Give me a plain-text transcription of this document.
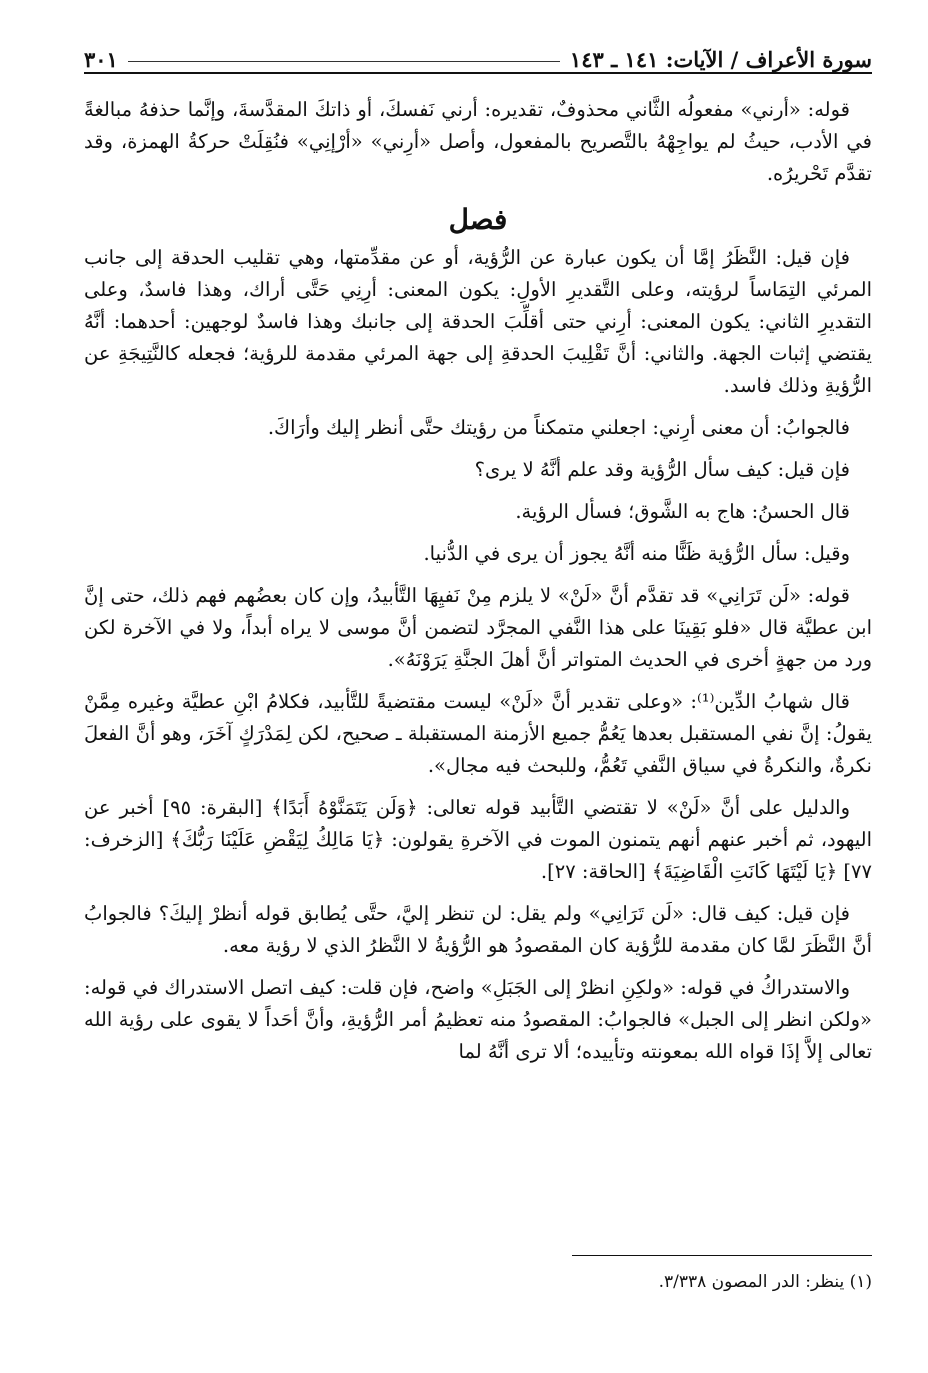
سورة الأعراف / الآيات: ١٤١ ـ ١٤٣
٣٠١

قوله: «أرني» مفعولُه الثَّاني محذوفٌ، تقديره: أرني نَفسكَ، أو ذاتكَ المقدَّسةَ، وإنَّما حذفهُ مبالغةً في الأدب، حيثُ لم يواجِهْهُ بالتَّصريح بالمفعول، وأصل «أرِني» «أرْإنِي» فنُقِلَتْ حركةُ الهمزة، وقد تقدَّم تَحْريرُه.

فصل

فإن قيل: النَّظَرُ إمَّا أن يكون عبارة عن الرُّؤية، أو عن مقدِّمتها، وهي تقليب الحدقة إلى جانب المرئي التِمَاساً لرؤيته، وعلى التَّقديرِ الأولِ: يكون المعنى: أرِنِي حَتَّى أراك، وهذا فاسدٌ، وعلى التقديرِ الثاني: يكون المعنى: أرِني حتى أقلِّبَ الحدقة إلى جانبك وهذا فاسدٌ لوجهين: أحدهما: أنَّهُ يقتضي إثبات الجهة. والثاني: أنَّ تَقْلِيبَ الحدقةِ إلى جهة المرئي مقدمة للرؤية؛ فجعله كالنَّتِيجَةِ عن الرُّؤيةِ وذلك فاسد.

فالجوابُ: أن معنى أرِني: اجعلني متمكناً من رؤيتك حتَّى أنظر إليك وأرَاكَ.

فإن قيل: كيف سأل الرُّؤية وقد علم أنَّهُ لا يرى؟

قال الحسنُ: هاج به الشَّوق؛ فسأل الرؤية.

وقيل: سأل الرُّؤية ظَنًّا منه أنَّهُ يجوز أن يرى في الدُّنيا.

قوله: «لَن تَرَانِي» قد تقدَّم أنَّ «لَنْ» لا يلزم مِنْ نَفيِهَا التَّأبيدُ، وإن كان بعضُهم فهم ذلك، حتى إنَّ ابن عطيَّة قال «فلو بَقِينَا على هذا النَّفي المجرَّد لتضمن أنَّ موسى لا يراه أبداً، ولا في الآخرة لكن ورد من جهةٍ أخرى في الحديث المتواتر أنَّ أهلَ الجنَّةِ يَرَوْنَهُ».

قال شهابُ الدِّين⁽¹⁾: «وعلى تقدير أنَّ «لَنْ» ليست مقتضيةً للتَّأبيد، فكلامُ ابْنِ عطيَّة وغيره مِمَّنْ يقولُ: إنَّ نفي المستقبل بعدها يَعُمُّ جميع الأزمنة المستقبلة ـ صحيح، لكن لِمَدْرَكٍ آخَرَ، وهو أنَّ الفعلَ نكرةٌ، والنكرةُ في سياق النَّفي تَعُمُّ، وللبحث فيه مجال».

والدليل على أنَّ «لَنْ» لا تقتضي التَّأبيد قوله تعالى: ﴿وَلَن يَتَمَنَّوْهُ أَبَدًا﴾ [البقرة: ٩٥] أخبر عن اليهود، ثم أخبر عنهم أنهم يتمنون الموت في الآخرةِ يقولون: ﴿يَا مَالِكُ لِيَقْضِ عَلَيْنَا رَبُّكَ﴾ [الزخرف: ٧٧] ﴿يَا لَيْتَهَا كَانَتِ الْقَاضِيَةَ﴾ [الحاقة: ٢٧].

فإن قيل: كيف قال: «لَن تَرَانِي» ولم يقل: لن تنظر إليَّ، حتَّى يُطابق قوله أنظرْ إليكَ؟ فالجوابُ أنَّ النَّظَرَ لمَّا كان مقدمة للرُّؤية كان المقصودُ هو الرُّؤيةُ لا النَّظرُ الذي لا رؤية معه.

والاستدراكُ في قوله: «ولكِنِ انظرْ إلى الجَبَلِ» واضح، فإن قلت: كيف اتصل الاستدراك في قوله: «ولكن انظر إلى الجبل» فالجوابُ: المقصودُ منه تعظيمُ أمر الرُّؤيةِ، وأنَّ أحَداً لا يقوى على رؤية الله تعالى إلاَّ إذَا قواه الله بمعونته وتأييده؛ ألا ترى أنَّهُ لما

(١) ينظر: الدر المصون ٣/٣٣٨.
